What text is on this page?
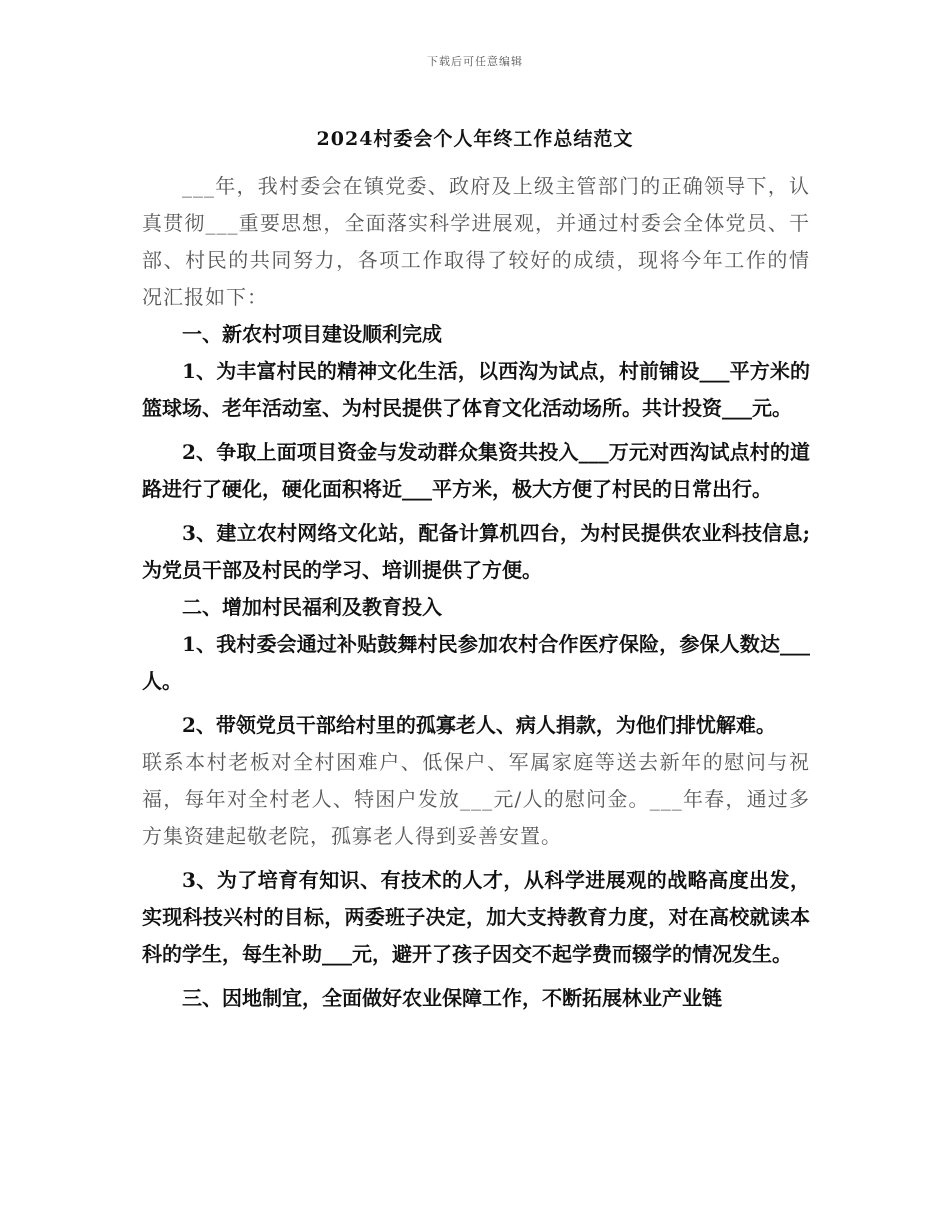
下载后可任意编辑
2024村委会个人年终工作总结范文

___年，我村委会在镇党委、政府及上级主管部门的正确领导下，认真贯彻___重要思想，全面落实科学进展观，并通过村委会全体党员、干部、村民的共同努力，各项工作取得了较好的成绩，现将今年工作的情况汇报如下：

一、新农村项目建设顺利完成

1、为丰富村民的精神文化生活，以西沟为试点，村前铺设___平方米的篮球场、老年活动室、为村民提供了体育文化活动场所。共计投资___元。

2、争取上面项目资金与发动群众集资共投入___万元对西沟试点村的道路进行了硬化，硬化面积将近___平方米，极大方便了村民的日常出行。

3、建立农村网络文化站，配备计算机四台，为村民提供农业科技信息;为党员干部及村民的学习、培训提供了方便。

二、增加村民福利及教育投入

1、我村委会通过补贴鼓舞村民参加农村合作医疗保险，参保人数达___人。

2、带领党员干部给村里的孤寡老人、病人捐款，为他们排忧解难。

联系本村老板对全村困难户、低保户、军属家庭等送去新年的慰问与祝福，每年对全村老人、特困户发放___元/人的慰问金。___年春，通过多方集资建起敬老院，孤寡老人得到妥善安置。

3、为了培育有知识、有技术的人才，从科学进展观的战略高度出发，实现科技兴村的目标，两委班子决定，加大支持教育力度，对在高校就读本科的学生，每生补助___元，避开了孩子因交不起学费而辍学的情况发生。

三、因地制宜，全面做好农业保障工作，不断拓展林业产业链
